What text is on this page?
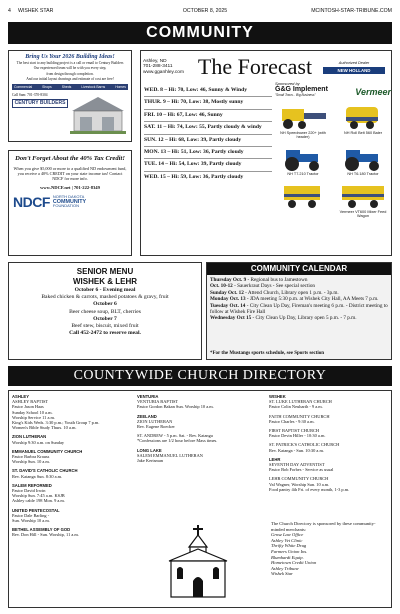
4	WISHEK STAR	OCTOBER 8, 2025	MCINTOSH-STAR-TRIBUNE.COM
COMMUNITY
Bring Us Your 2026 Building Ideas!
The best start to any building project is a call or email to Century Builders
Our experienced team will be with you every step,
from design through completion.
And our initial layout drawings and estimate of cost are free!
Commercial	Shops	Sheds	Livestock Barns	Homes
Call Sam: 701-370-8304
CENTURY BUILDERS
Don't Forget About the 40% Tax Credit!
When you give $5,000 or more to a qualified ND endowment fund, you receive a 40% CREDIT on your state income tax! Contact NDCF for more info.
www.NDCF.net | 701-222-8349
NDCF NORTH DAKOTA
COMMUNITY
FOUNDATION
Ashley, ND
701-288-3411
www.gganhley.com The Forecast	Authorized Dealer
NEW HOLLAND
WED. 8 – Hi: 70, Low: 46, Sunny & Windy
THUR. 9 – Hi: 70, Low: 38, Mostly sunny
FRI. 10 – Hi: 67, Low: 46, Sunny
SAT. 11 – Hi: 74, Low: 55, Partly cloudy & windy
SUN. 12 – Hi: 68, Low: 39, Partly cloudy
MON. 13 – Hi: 51, Low: 36, Partly cloudy
TUE. 14 – Hi: 54, Low: 39, Partly cloudy
WED. 15 – Hi: 59, Low: 36, Partly cloudy
Sponsored by
G&G Implement
"Small Town... Big Business"	Vermeer
NH Speedrower 220+ (with header)
NH Roll Belt 560 Baler
NH T7.210 Tractor	NH T6.180 Tractor
Vermeer VT600 Mixer Feed Wagon
SENIOR MENU
WISHEK & LEHR
October 6 - Evening meal
Baked chicken & carrots, mashed potatoes & gravy, fruit
October 6
Beer cheese soup, BLT, cherries
October 7
Beef stew, biscuit, mixed fruit
Call 452-2472 to reserve meal.
COMMUNITY CALENDAR
Thursday Oct. 9 - Regional bus to Jamestown
Oct. 10-12 - Sauerkraut Days - See special section
Sunday Oct. 12 - Attend Church, Library open 1 p.m. - 3p.m.
Monday Oct. 13 - JDA meeting 5:30 p.m. at Wishek City Hall, AA Meets 7 p.m.
Tuesday Oct. 14 - City Clean Up Day, Fireman's meeting 6 p.m. - District meeting to follow at Wishek Fire Hall
Wednesday Oct 15 - City Clean Up Day, Library open 5 p.m. - 7 p.m.
*For the Mustangs sports schedule, see Sports section
COUNTYWIDE CHURCH DIRECTORY
ASHLEY
ASHLEY BAPTIST
Pastor Jason Haas
Sunday School 10 a.m.
Worship Service 11 a.m.
King's Kids Weds. 3:30 p.m.; Youth Group 7 p.m.
Women's Bible Study Thurs. 10 a.m.
ZION LUTHERAN
Worship 9:30 a.m. on Sunday
EMMANUEL COMMUNITY CHURCH
Pastor Barbra Krauss
Worship Sun. 10 a.m.
ST. DAVID'S CATHOLIC CHURCH
Rev. Katanga Sun. 8:30 a.m.
SALEM REFORMED
Pastor David Irwin
Worship Sun. 7:45 a.m. KSJB
Ashley cable 198 Mon. 9 a.m.
UNITED PENTECOSTAL
Pastor Dale Barling -
Sun. Worship 10 a.m.
BETHEL ASSEMBLY OF GOD
Rev. Don Hill - Sun. Worship, 11 a.m.
VENTURIA
VENTURIA BAPTIST
Pastor Gordon Bakan Sun. Worship 10 a.m.
ZEELAND
ZION LUTHERAN
Rev. Eugene Roecker
ST. ANDREW - 5 p.m. Sat. - Rev. Katanga
*Confessions are 1/2 hour before Mass times.
LONG LAKE
SALEM EMMANUEL LUTHERAN
Jake Kertsman
WISHEK
ST. LUKE LUTHERAN CHURCH
Pastor Colin Neuharth - 9 a.m.
FAITH COMMUNITY CHURCH
Pastor Charles - 9:30 a.m.
FIRST BAPTIST CHURCH
Pastor Devin Hiller - 10:30 a.m.
ST. PATRICK'S CATHOLIC CHURCH
Rev. Katanga - Sun. 10:30 a.m.
LEHR
SEVENTH DAY ADVENTIST
Pastor Bob Forbes - Service as usual
LEHR COMMUNITY CHURCH
Val Wagner, Worship Sun. 10 a.m.
Food pantry 4th Fri. of every month, 1-3 p.m.
The Church Directory is sponsored by these community-minded merchants:
Grosz Law Office
Ashley Vet Clinic
Thrifty White Drug
Farmers Union Ins.
Blumhardt Equip.
Hometown Credit Union
Ashley Tribune
Wishek Star
